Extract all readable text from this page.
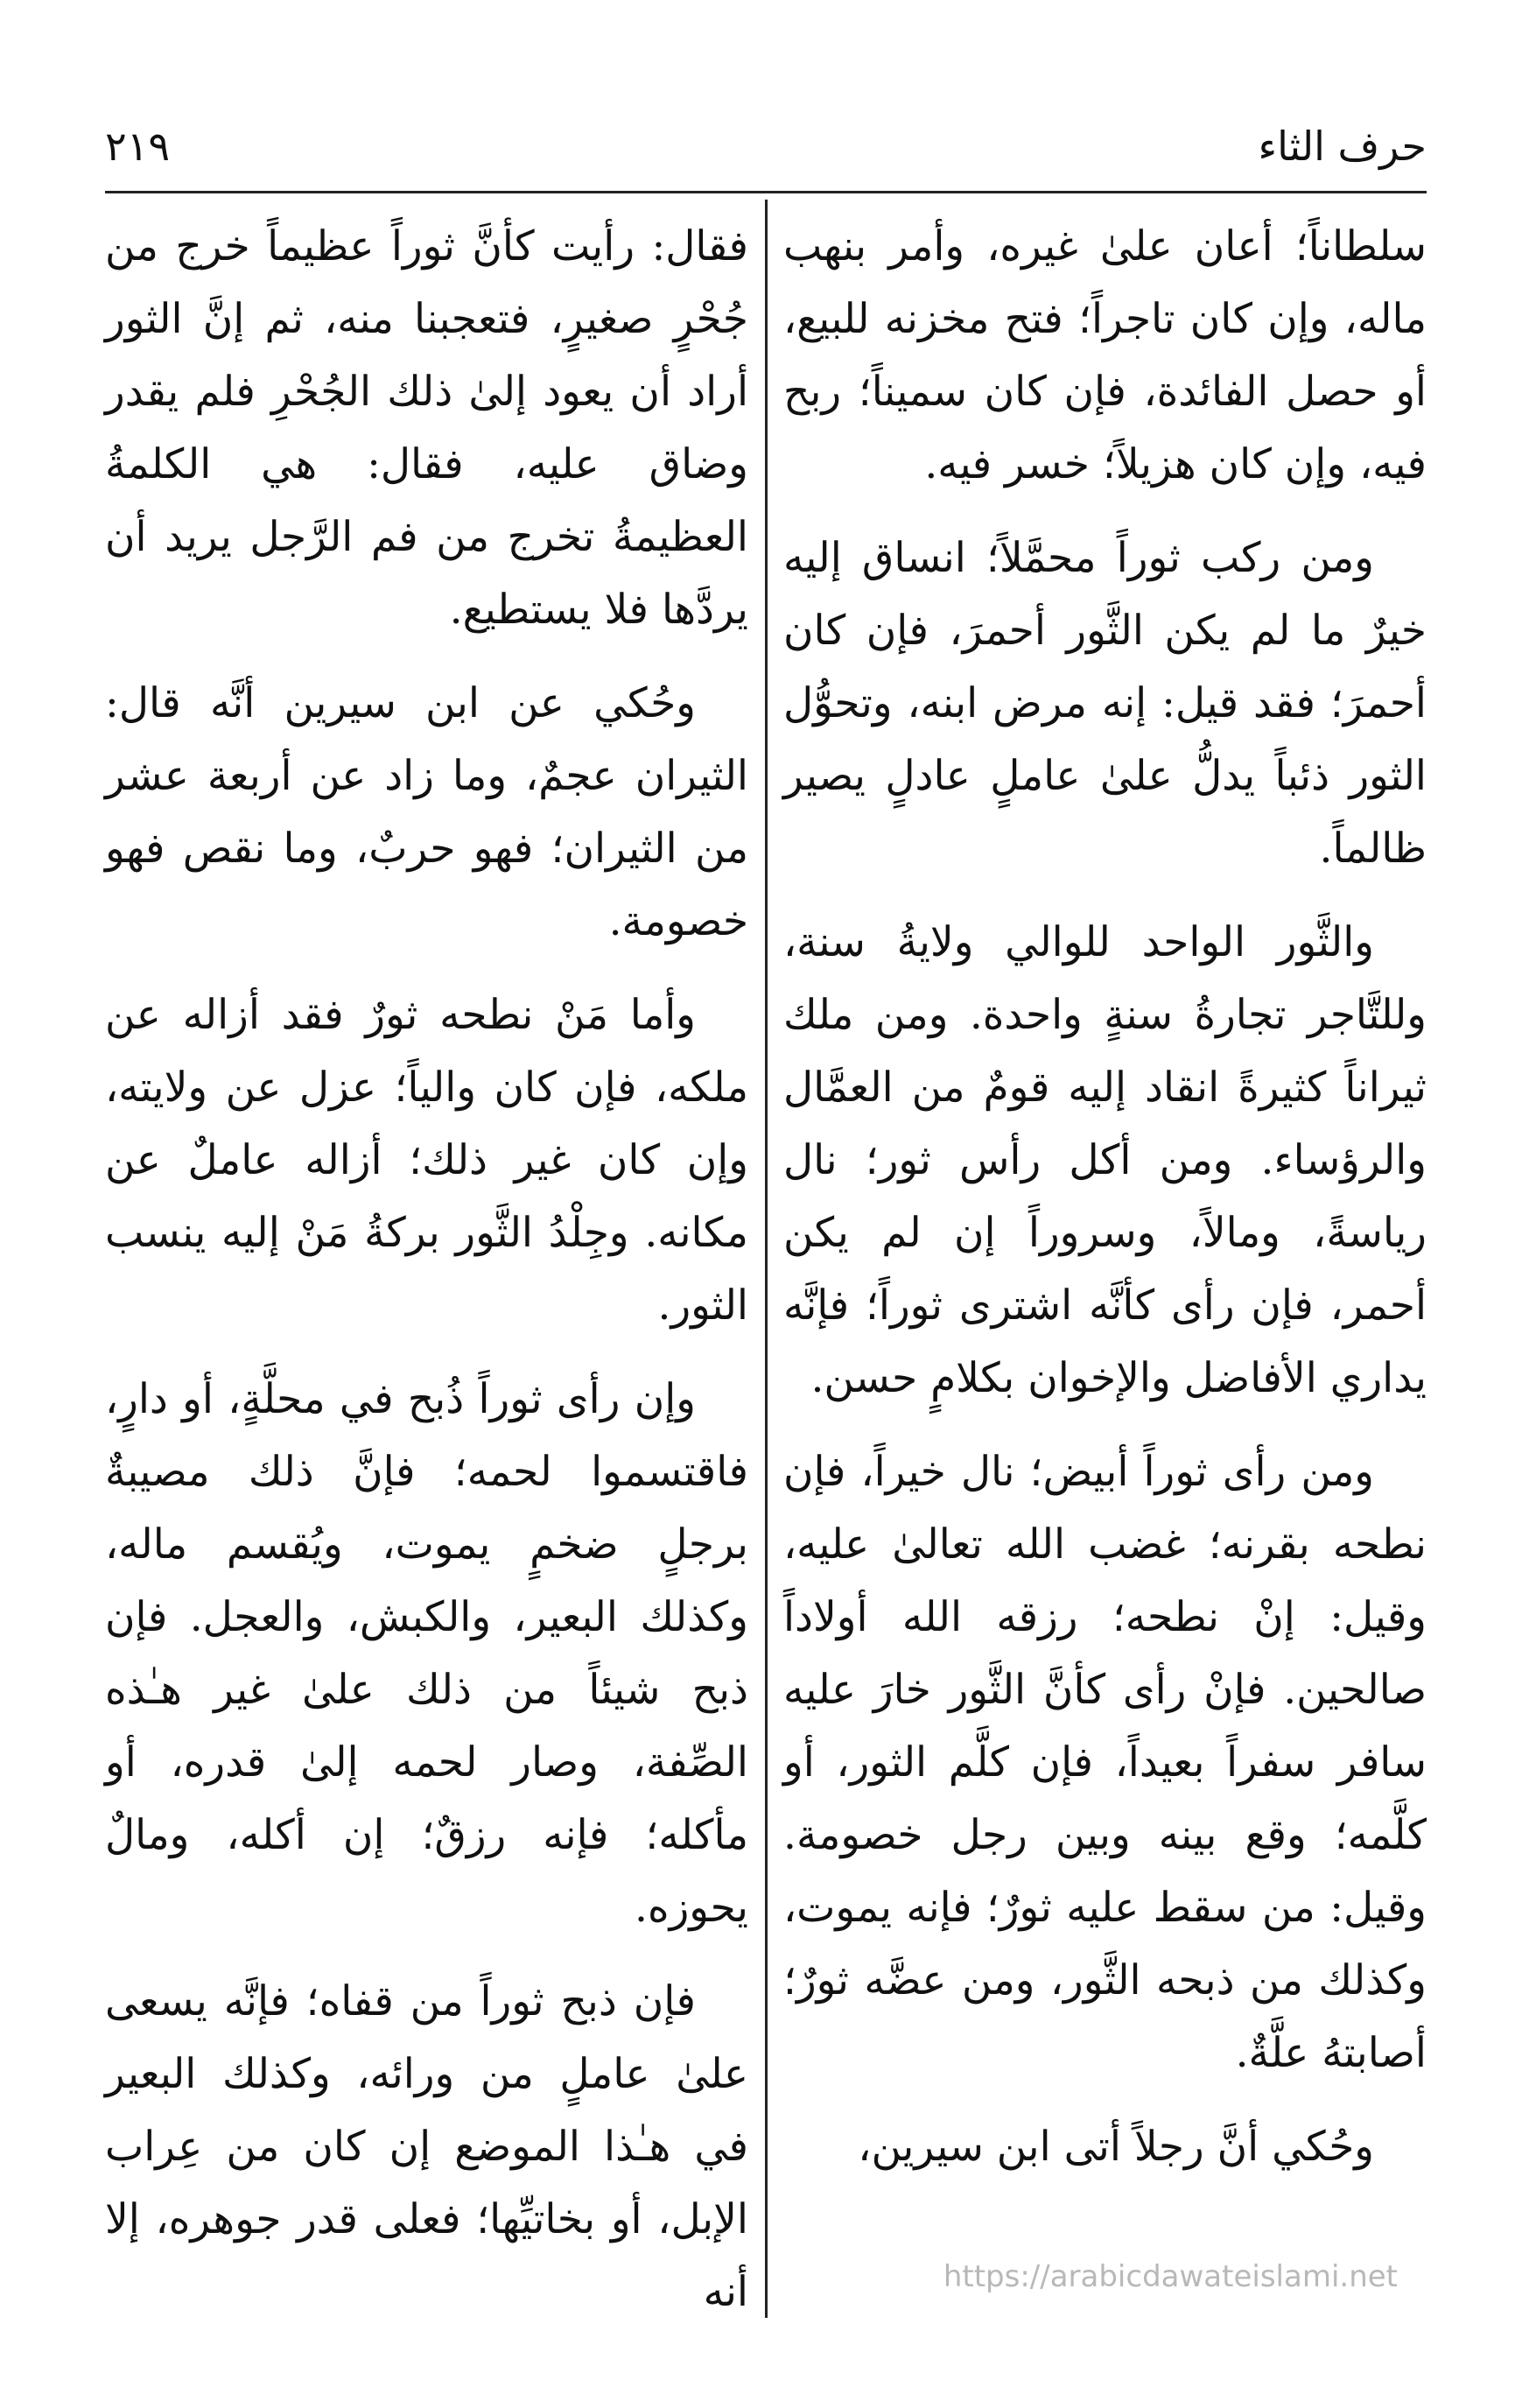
حرف الثاء
٢١٩

سلطاناً؛ أعان علىٰ غيره، وأمر بنهب ماله، وإن كان تاجراً؛ فتح مخزنه للبيع، أو حصل الفائدة، فإن كان سميناً؛ ربح فيه، وإن كان هزيلاً؛ خسر فيه.

ومن ركب ثوراً محمَّلاً؛ انساق إليه خيرٌ ما لم يكن الثَّور أحمرَ، فإن كان أحمرَ؛ فقد قيل: إنه مرض ابنه، وتحوُّل الثور ذئباً يدلُّ علىٰ عاملٍ عادلٍ يصير ظالماً.

والثَّور الواحد للوالي ولايةُ سنة، وللتَّاجر تجارةُ سنةٍ واحدة. ومن ملك ثيراناً كثيرةً انقاد إليه قومٌ من العمَّال والرؤساء. ومن أكل رأس ثور؛ نال رياسةً، ومالاً، وسروراً إن لم يكن أحمر، فإن رأى كأنَّه اشترى ثوراً؛ فإنَّه يداري الأفاضل والإخوان بكلامٍ حسن.

ومن رأى ثوراً أبيض؛ نال خيراً، فإن نطحه بقرنه؛ غضب الله تعالىٰ عليه، وقيل: إنْ نطحه؛ رزقه الله أولاداً صالحين. فإنْ رأى كأنَّ الثَّور خارَ عليه سافر سفراً بعيداً، فإن كلَّم الثور، أو كلَّمه؛ وقع بينه وبين رجل خصومة. وقيل: من سقط عليه ثورٌ؛ فإنه يموت، وكذلك من ذبحه الثَّور، ومن عضَّه ثورٌ؛ أصابتهُ علَّةٌ.

وحُكي أنَّ رجلاً أتى ابن سيرين،

فقال: رأيت كأنَّ ثوراً عظيماً خرج من جُحْرٍ صغيرٍ، فتعجبنا منه، ثم إنَّ الثور أراد أن يعود إلىٰ ذلك الجُحْرِ فلم يقدر وضاق عليه، فقال: هي الكلمةُ العظيمةُ تخرج من فم الرَّجل يريد أن يردَّها فلا يستطيع.

وحُكي عن ابن سيرين أنَّه قال: الثيران عجمٌ، وما زاد عن أربعة عشر من الثيران؛ فهو حربٌ، وما نقص فهو خصومة.

وأما مَنْ نطحه ثورٌ فقد أزاله عن ملكه، فإن كان والياً؛ عزل عن ولايته، وإن كان غير ذلك؛ أزاله عاملٌ عن مكانه. وجِلْدُ الثَّور بركةُ مَنْ إليه ينسب الثور.

وإن رأى ثوراً ذُبح في محلَّةٍ، أو دارٍ، فاقتسموا لحمه؛ فإنَّ ذلك مصيبةٌ برجلٍ ضخمٍ يموت، ويُقسم ماله، وكذلك البعير، والكبش، والعجل. فإن ذبح شيئاً من ذلك علىٰ غير هـٰذه الصِّفة، وصار لحمه إلىٰ قدره، أو مأكله؛ فإنه رزقٌ؛ إن أكله، ومالٌ يحوزه.

فإن ذبح ثوراً من قفاه؛ فإنَّه يسعى علىٰ عاملٍ من ورائه، وكذلك البعير في هـٰذا الموضع إن كان من عِراب الإبل، أو بخاتيِّها؛ فعلى قدر جوهره، إلا أنه	https://arabicdawateislami.net
